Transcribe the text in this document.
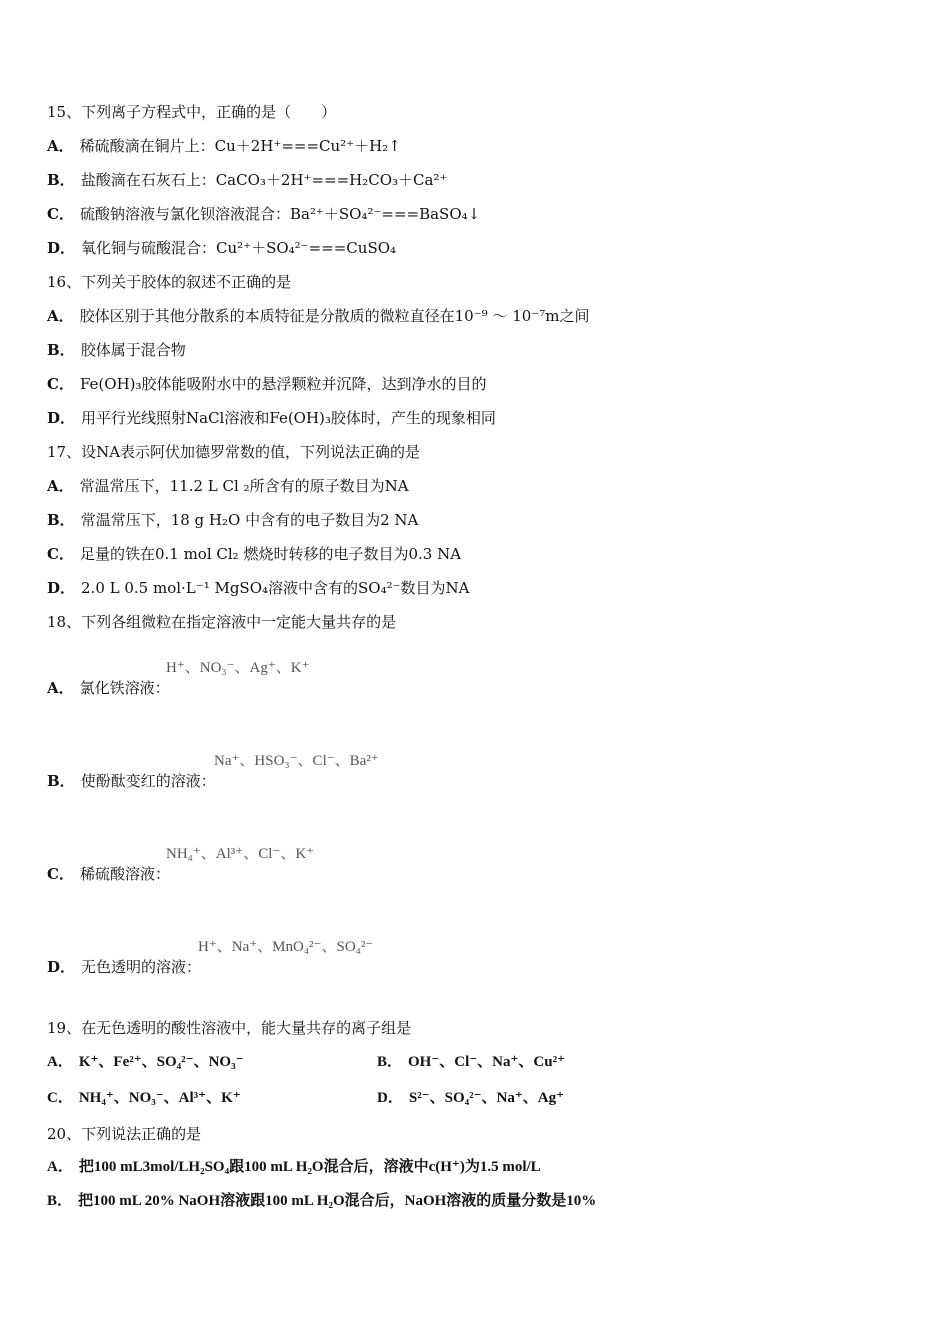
15、下列离子方程式中，正确的是（　　）
A． 稀硫酸滴在铜片上：Cu＋2H⁺===Cu²⁺＋H₂↑
B． 盐酸滴在石灰石上：CaCO₃＋2H⁺===H₂CO₃＋Ca²⁺
C． 硫酸钠溶液与氯化钡溶液混合：Ba²⁺＋SO₄²⁻===BaSO₄↓
D． 氧化铜与硫酸混合：Cu²⁺＋SO₄²⁻===CuSO₄
16、下列关于胶体的叙述不正确的是
A． 胶体区别于其他分散系的本质特征是分散质的微粒直径在10⁻⁹ ～ 10⁻⁷m之间
B． 胶体属于混合物
C． Fe(OH)₃胶体能吸附水中的悬浮颗粒并沉降，达到净水的目的
D． 用平行光线照射NaCl溶液和Fe(OH)₃胶体时，产生的现象相同
17、设NA表示阿伏加德罗常数的值，下列说法正确的是
A． 常温常压下，11.2 L Cl ₂所含有的原子数目为NA
B． 常温常压下，18 g H₂O 中含有的电子数目为2 NA
C． 足量的铁在0.1 mol Cl₂ 燃烧时转移的电子数目为0.3 NA
D． 2.0 L 0.5 mol·L⁻¹ MgSO₄溶液中含有的SO₄²⁻数目为NA
18、下列各组微粒在指定溶液中一定能大量共存的是
H⁺、NO₃⁻、Ag⁺、K⁺
A． 氯化铁溶液：
Na⁺、HSO₃⁻、Cl⁻、Ba²⁺
B． 使酚酞变红的溶液：
NH₄⁺、Al³⁺、Cl⁻、K⁺
C． 稀硫酸溶液：
H⁺、Na⁺、MnO₄²⁻、SO₄²⁻
D． 无色透明的溶液：
19、在无色透明的酸性溶液中，能大量共存的离子组是
A． K⁺、Fe²⁺、SO₄²⁻、NO₃⁻	B． OH⁻、Cl⁻、Na⁺、Cu²⁺
C． NH₄⁺、NO₃⁻、Al³⁺、K⁺	D． S²⁻、SO₄²⁻、Na⁺、Ag⁺
20、下列说法正确的是
A． 把100 mL3mol/LH₂SO₄跟100 mL H₂O混合后，溶液中c(H⁺)为1.5 mol/L
B． 把100 mL 20% NaOH溶液跟100 mL H₂O混合后，NaOH溶液的质量分数是10%
